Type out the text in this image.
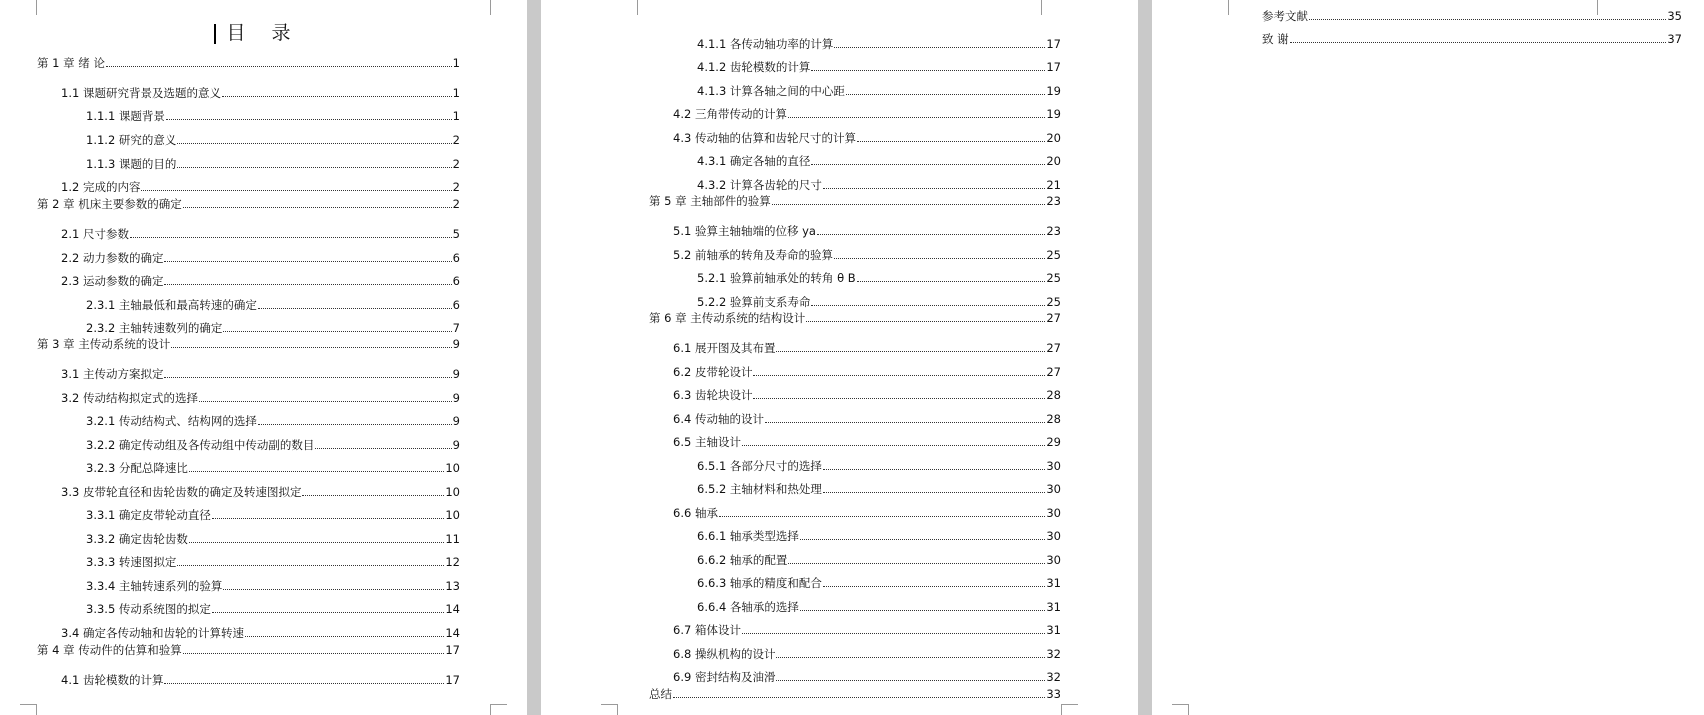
目 录
第 1 章 绪 论	1
1.1 课题研究背景及选题的意义	1
1.1.1 课题背景	1
1.1.2 研究的意义	2
1.1.3 课题的目的	2
1.2 完成的内容	2
第 2 章 机床主要参数的确定	2
2.1 尺寸参数	5
2.2 动力参数的确定	6
2.3 运动参数的确定	6
2.3.1 主轴最低和最高转速的确定	6
2.3.2 主轴转速数列的确定	7
第 3 章 主传动系统的设计	9
3.1 主传动方案拟定	9
3.2 传动结构拟定式的选择	9
3.2.1 传动结构式、结构网的选择	9
3.2.2 确定传动组及各传动组中传动副的数目	9
3.2.3 分配总降速比	10
3.3 皮带轮直径和齿轮齿数的确定及转速图拟定	10
3.3.1 确定皮带轮动直径	10
3.3.2 确定齿轮齿数	11
3.3.3 转速图拟定	12
3.3.4 主轴转速系列的验算	13
3.3.5 传动系统图的拟定	14
3.4 确定各传动轴和齿轮的计算转速	14
第 4 章 传动件的估算和验算	17
4.1 齿轮模数的计算	17
4.1.1 各传动轴功率的计算	17
4.1.2 齿轮模数的计算	17
4.1.3 计算各轴之间的中心距	19
4.2 三角带传动的计算	19
4.3 传动轴的估算和齿轮尺寸的计算	20
4.3.1 确定各轴的直径	20
4.3.2 计算各齿轮的尺寸	21
第 5 章 主轴部件的验算	23
5.1 验算主轴轴端的位移 ya	23
5.2 前轴承的转角及寿命的验算	25
5.2.1 验算前轴承处的转角 θ B	25
5.2.2 验算前支系寿命	25
第 6 章 主传动系统的结构设计	27
6.1 展开图及其布置	27
6.2 皮带轮设计	27
6.3 齿轮块设计	28
6.4 传动轴的设计	28
6.5 主轴设计	29
6.5.1 各部分尺寸的选择	30
6.5.2 主轴材料和热处理	30
6.6 轴承	30
6.6.1 轴承类型选择	30
6.6.2 轴承的配置	30
6.6.3 轴承的精度和配合	31
6.6.4 各轴承的选择	31
6.7 箱体设计	31
6.8 操纵机构的设计	32
6.9 密封结构及油滑	32
总结	33
参考文献	35
致 谢	37
